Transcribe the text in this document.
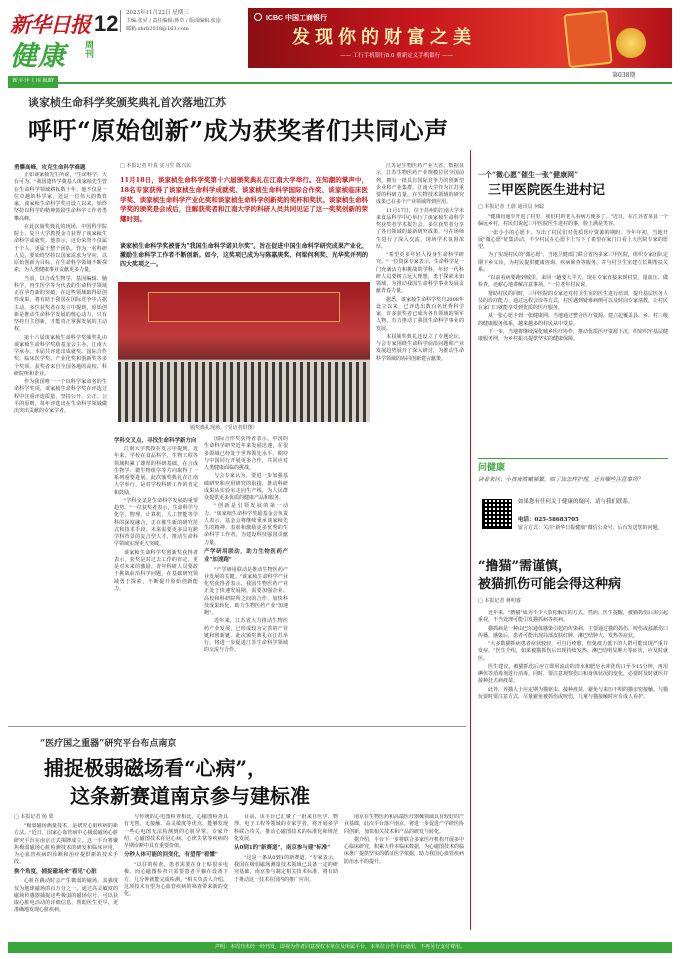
新华日报 12 2023年11月22日 星期三
主编:张昇 / 责任编辑:蒋卓 / 版面编辑:张淦
邮箱:xhrb2018@163.com
健康	周刊
ICBC 中国工商银行
发现你的财富之美
—— 工行手机银行8.0 重新定义手机银行 ——
第038期
谈家桢生命科学奖颁奖典礼首次落地江苏
呼吁“原始创新”成为获奖者们共同心声
勇攀高峰，攻克生命科学难题

正如谈家桢先生所说，"生命科学，大有可为。"我国遗传学奠基人谈家桢先生曾在生命科学领域耕耘数十年，他不仅是一位卓越的科学家，还是一位伟大的教育家。谈家桢生命科学奖自设立以来，始终坚持以科学的精神鼓励生命科学工作者勇攀高峰。

在此次颁奖典礼的现场，中国科学院院士、复旦大学教授金力获得了谈家桢生命科学成就奖。他表示，这份荣誉不仅属于个人，更属于整个团队。作为一名科研人员，要始终坚持以国家需求为导向，以原始创新为目标，在生命科学领域不断探索，为人类健康事业贡献更多力量。

当前，以合成生物学、基因编辑、脑科学、再生医学等为代表的生命科学领域正在孕育新的突破，在这些领域取得原创性成果，将有助于我国在国际竞争中占据主动。多位获奖者在发言中提到，原始创新是推动生命科学发展的核心动力，只有坚持自主创新，才能真正掌握发展的主动权。

第十六届谈家桢生命科学奖颁奖礼由谈家桢生命科学奖励基金会主办，江南大学承办。本届共评选出成就奖、国际合作奖、临床医学奖、产业化奖和创新奖等多个奖项，获奖者来自全国各地的高校、科研院所和企业。

作为我国唯一一个以科学家命名的生命科学奖项，谈家桢生命科学奖在评选过程中注重评选质量，坚持公开、公正、公平的原则，每年评选出在生命科学领域做出突出贡献的专家学者。

□ 本报记者 叶真 实习生 陈兴民
11月18日，谈家桢生命科学奖第十六届颁奖典礼在江南大学举行。在知潮的掌声中，18名专家获得了谈家桢生命科学成就奖、谈家桢生命科学国际合作奖、谈家桢临床医学奖、谈家桢生命科学产业化奖和谈家桢生命科学创新奖的奖杯和奖状。谈家桢生命科学奖的颁奖是会成后，注解获奖者和江南大学的科研人员共同见证了这一奖奖创新的荣耀时刻。
谈家桢生命科学奖被誉为"我国生命科学诺贝尔奖"。旨在促进中国生命科学研究成果产业化，激励生命科学工作者不断创新。如今，这奖项已成为与陈嘉庚奖、何梁何利奖、光华奖并列的四大奖项之一。
颁奖典礼现场。（受访者供图）
学科交叉点，寻找生命科学新方向

江南大学教授在发言中提到，近年来，学校在食品科学、生物工程等领域积累了雄厚的科研基础，在合成生物学、微生物组学等方向取得了一系列重要进展。此次颁奖典礼在江南大学举行，是对学校科研工作的肯定和鼓励。

"学科交叉是生命科学发展的重要趋势。"一位获奖者表示，生命科学与化学、物理、计算机、人工智能等学科的深度融合，正在催生新的研究范式和技术手段。未来需要更多具有跨学科背景的复合型人才，推动生命科学领域实现更大突破。

谈家桢生命科学奖创新奖获得者表示，获奖是对过去工作的肯定，更是对未来的激励。青年科研人员要敢于挑战前沿科学问题，在基础研究领域勇于探索，不断提升原始创新能力。

国际合作奖获得者表示，中国的生命科学研究近年来发展迅速，在很多领域已经处于世界领先水平，期待与中国同行开展更多合作，共同应对人类健康面临的挑战。

与会专家认为，要进一步加强基础研究和应用研究的衔接，推动科研成果从实验室走向生产线，为人民群众提供更多优质的健康产品和服务。

"创新是引领发展的第一动力。"谈家桢生命科学奖励基金会负责人表示，基金会将继续秉承谈家桢先生的精神，表彰和激励更多优秀的生命科学工作者，为建设科技强国贡献力量。

产学研用联动，助力生物医药产业"加速跑"

"产学研用联动是推动生物医药产业发展的关键。"谈家桢生命科学产业化奖获得者表示，我国生物医药产业正处于快速发展期，需要加强企业、高校和科研院所之间的合作，加快科技成果转化，助力生物医药产业"加速跑"。

近年来，江苏省大力推动生物医药产业发展，已形成较为完善的产业链和创新链。此次颁奖典礼在江苏举行，将进一步促进江苏生命科学领域的交流与合作。

江苏是生物医药产业大省。数据显示，江苏生物医药产业规模位居全国前列，拥有一批具有国际竞争力的创新型企业和产业集群。江南大学作为江苏重要的科研力量，在生物技术领域的研究成果已在多个产业领域得到应用。

11月17日，位于苏州的江南大学未来食品科学中心举行了谈家桢生命科学奖获奖者学术报告会。多位获奖者分享了各自领域的最新研究成果，与在场师生进行了深入交流，现场学术氛围浓厚。

"希望更多年轻人投身生命科学研究。"一位资深专家表示，生命科学是一门充满活力和挑战的学科，年轻一代科研人员要树立远大理想，勇于探索未知领域，为推动我国生命科学事业发展贡献青春力量。

据悉，谈家桢生命科学奖自2008年设立以来，已评选出数百名优秀科学家，许多获奖者已成为各自领域的领军人物，有力推动了我国生命科学事业的发展。

本届颁奖典礼还设立了专题论坛，与会专家围绕生命科学前沿问题和产业发展趋势展开了深入研讨，为推动生命科学领域的协同创新建言献策。

一个“微心愿”催生一张“健康网”
三甲医院医生进村记
□ 本报记者 王蔚 通讯员 何聪

"健康直通车开进了村里，我们村的老人看病方便多了。"近日，在江苏省某县一个偏远乡村，村民们说起三甲医院医生进村的事，脸上满是笑容。

一张小小的心愿卡，写出了村民们对优质医疗资源的期盼。今年年初，当地开展"微心愿"征集活动，不少村民在心愿卡上写下了希望在家门口看上大医院专家的愿望。

为了实现村民的"微心愿"，当地卫健部门联合省内多家三甲医院，组织专家团队定期下乡义诊，为村民提供健康咨询、疾病筛查等服务，并与村卫生室建立长期帮扶关系。

"以前看病要跑到城里，来回一趟要大半天。现在专家直接来到村里，量血压、做检查，还耐心地讲解注意事项。"一位老年村民说。

帮助村民的同时，三甲医院的专家还对村卫生室的医生进行培训，提升基层医务人员的诊疗能力。通过远程会诊等方式，村医遇到疑难病例可以及时向专家请教，让村民在家门口就能享受到优质的医疗服务。

从一张心愿卡到一张健康网，当地通过整合医疗资源，建立起覆盖县、乡、村三级的健康服务体系，越来越多的村民从中受益。

下一步，当地将继续深化城乡医疗协作，推动优质医疗资源下沉，织密织牢基层健康服务网，为乡村振兴提供坚实的健康保障。

问健康
读者来问：小孩夜咳嗽频繁，咳了该怎样护理，还有哪些注意事项？
如果您有任何关于健康的疑问，请与我们联系。
电话：025-58683705
留言方式：关注"新华日报健康"微信公众号，后台发送您的问题。
“撸猫”需谨慎，
被猫抓伤可能会得这种病
□ 本报记者 蒋明睿

近年来，"撸猫"成为不少人放松解压的方式。然而，医生提醒，被猫抓伤后需引起重视，不当处理可能引发猫抓病等疾病。

猫抓病是一种由巴尔通体感染引起的传染病，主要通过猫的抓伤、咬伤或舔舐伤口传播。感染后，患者可能出现局部皮肤红肿、淋巴结肿大、发热等症状。

"大多数猫抓病患者症状较轻，可自行痊愈，但免疫力低下的人群可能出现严重并发症。"医生介绍，如果被猫抓伤后出现持续发热、淋巴结明显肿大等症状，应及时就医。

医生建议，被猫抓伤后应立即用流动的清水和肥皂水冲洗伤口至少15分钟，再用碘伏等消毒剂进行消毒。同时，要注意观察伤口和身体状况的变化，必要时及时就医并接种狂犬病疫苗。

此外，养猫人士应定期为猫驱虫、接种疫苗，避免与来历不明的猫亲密接触。与猫玩耍时要注意方式，尽量避免被抓伤或咬伤，儿童与猫接触时应有成人看护。

“医疗国之重器”研究平台布点南京
捕捉极弱磁场看“心病”，
这条新赛道南京参与建标准
□ 本报记者 杨 蒙

"极弱磁场测量技术，是研究心脏疾病的新方法。"近日，国家心血管病中心极弱磁场心脏研究平台在南京正式揭牌成立。这一平台将聚焦极弱磁场心脏检测技术的研发和临床应用，为心血管疾病的诊断和治疗提供新的技术手段。

换个角度，捕捉磁场来"看见"心脏

心脏在跳动时会产生微弱的磁场，其强度仅为地球磁场的百万分之一。通过高灵敏度的磁场传感器捕捉这些极弱的磁场信号，可以获取心脏电活动的详细信息，帮助医生更早、更准确地发现心脏疾病。

与传统的心电图检查相比，心磁图检查具有无创、无接触、高灵敏度等优点，能够发现一些心电图无法检测到的心脏异常。专家介绍，心磁图技术在冠心病、心律失常等疾病的早期诊断中具有重要价值。

分秒人体可能的回变化，有望帮"看懂"

"以往的检查，患者需要在身上贴很多电极，而心磁图检查只需要患者平躺在设备下方，几分钟就能完成检测。"相关负责人介绍，这项技术有望为心血管疾病的筛查带来新的变化。

目前，该平台已汇聚了一批来自医学、物理、电子工程等领域的专家学者，将开展多学科联合攻关，推动心磁图技术的标准化和规范化发展。

从0到1的"新赛道"，南京参与建"标准"

"这是一条从0到1的新赛道。"专家表示，我国在极弱磁场测量技术领域已具备一定的研究基础，南京参与制定相关技术标准，将有助于推动这一技术在国内的推广应用。

南京在生物医药和高端医疗器械领域具有较好的产业基础，此次平台落户南京，将进一步促进产学研医协同创新，加快相关技术和产品的研发与转化。

据介绍，平台下一步将联合多家医疗机构开展多中心临床研究，积累大样本临床数据，为心磁图技术的临床推广提供坚实的循证医学依据，助力我国心血管疾病防治水平的提升。

声明：本周刊未经一经刊发，即视为作者同意授权本单位及所属平台，本单位合作平台使用，不再另行支付费用。
